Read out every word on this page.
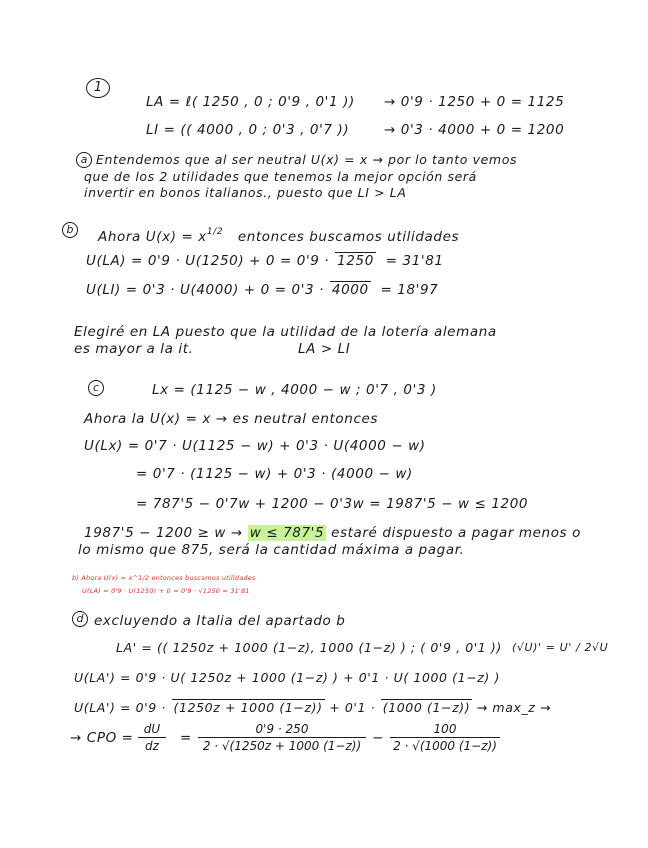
1
LA = ℓ( 1250 , 0 ; 0'9 , 0'1 )) → 0'9 · 1250 + 0 = 1125
LI = (( 4000 , 0 ; 0'3 , 0'7 ))	→ 0'3 · 4000 + 0 = 1200
a Entendemos que al ser neutral U(x) = x → por lo tanto vemos
que de los 2 utilidades que tenemos la mejor opción será
invertir en bonos italianos., puesto que LI > LA
b	Ahora $U(x) = x^{1/2}$ entonces buscamos utilidades
U(LA) = 0'9 · U(1250) + 0 = 0'9 · 1250 = 31'81
U(LI) = 0'3 · U(4000) + 0 = 0'3 · 4000 = 18'97
Elegiré en LA puesto que la utilidad de la lotería alemana
es mayor a la it.	LA > LI
c	Lx = (1125 − w , 4000 − w ; 0'7 , 0'3 )
Ahora la U(x) = x → es neutral entonces
U(Lx) = 0'7 · U(1125 − w) + 0'3 · U(4000 − w)
= 0'7 · (1125 − w) + 0'3 · (4000 − w)
= 787'5 − 0'7w + 1200 − 0'3w = 1987'5 − w ≤ 1200
1987'5 − 1200 ≥ w → w ≤ 787'5 estaré dispuesto a pagar menos o
lo mismo que 875, será la cantidad máxima a pagar.
b) Ahora U(x) = x^1/2 entonces buscamos utilidades
U(LA) = 0'9 · U(1250) + 0 = 0'9 · √1250 = 31'81
d excluyendo a Italia del apartado b
LA' = (( 1250z + 1000 (1−z), 1000 (1−z) ) ; ( 0'9 , 0'1 )) (√U)' = U' / 2√U
U(LA') = 0'9 · U( 1250z + 1000 (1−z) ) + 0'1 · U( 1000 (1−z) )
U(LA') = 0'9 · (1250z + 1000 (1−z)) + 0'1 · (1000 (1−z)) → max_z →
→ CPO =
dU
dz	=
0'9 · 250
2 · √(1250z + 1000 (1−z)) −
100
2 · √(1000 (1−z))
